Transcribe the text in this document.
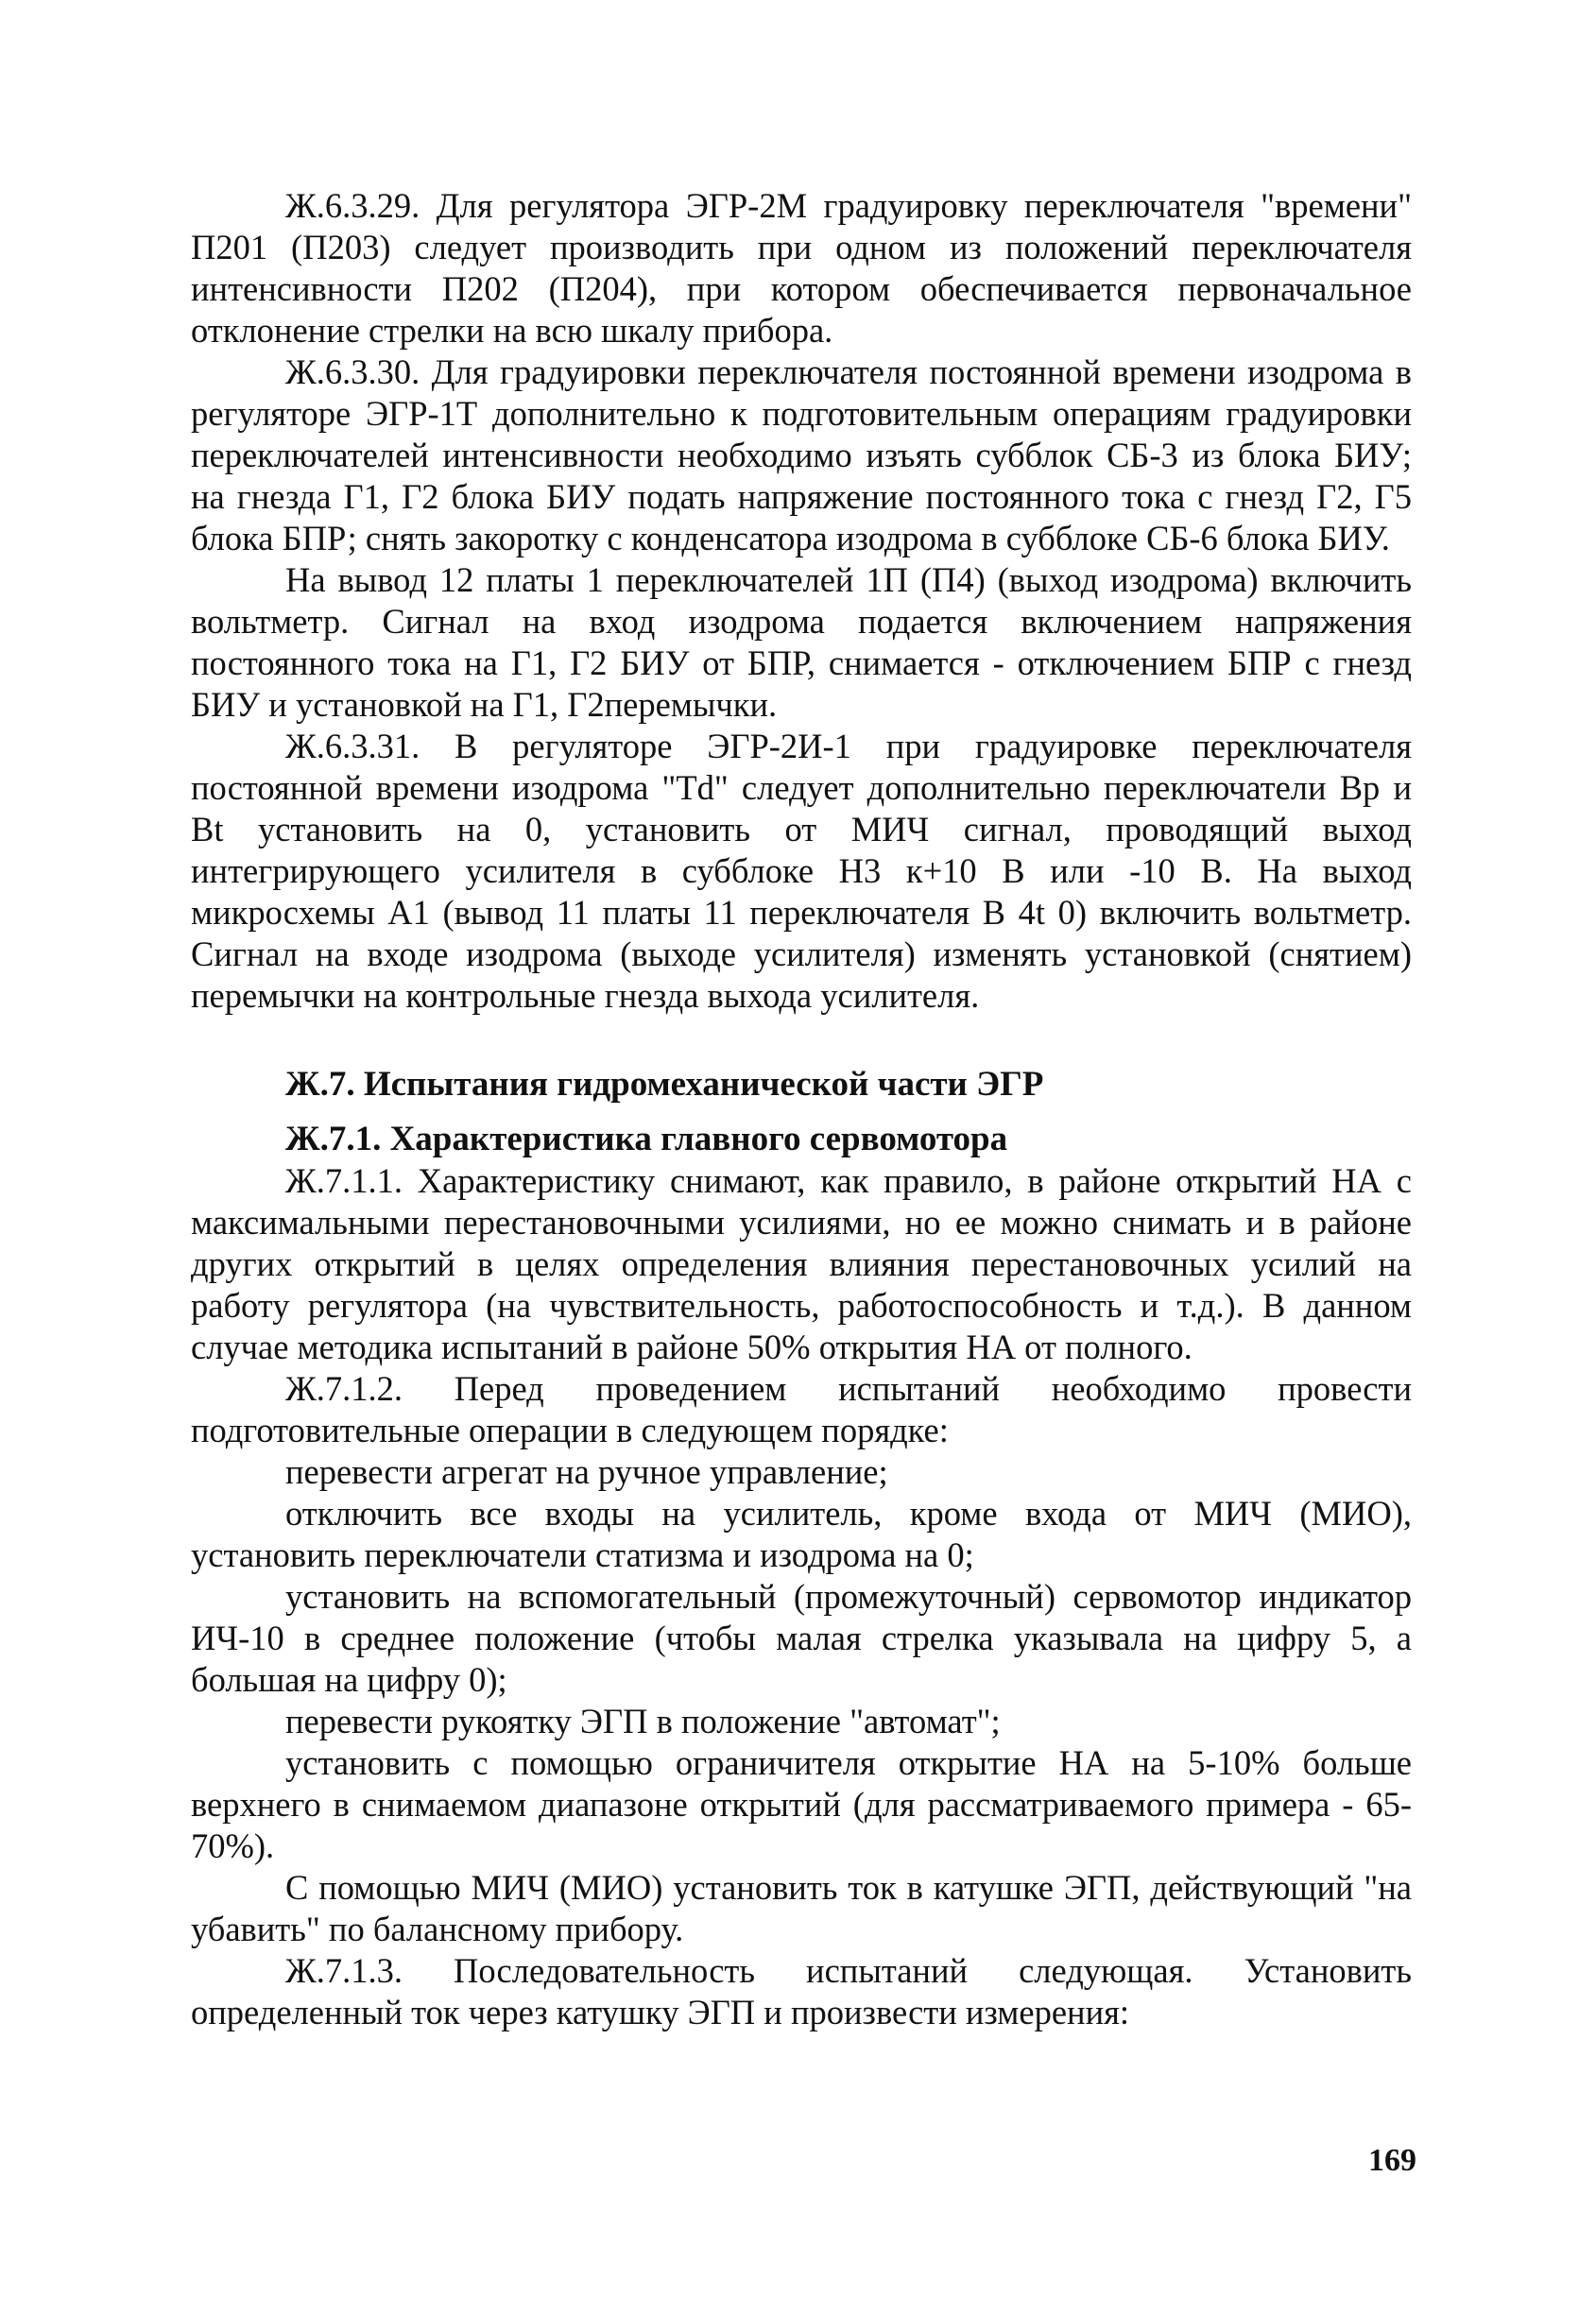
Ж.6.3.29. Для регулятора ЭГР-2М градуировку переключателя "времени" П201 (П203) следует производить при одном из положений переключателя интенсивности П202 (П204), при котором обеспечивается первоначальное отклонение стрелки на всю шкалу прибора.

Ж.6.3.30. Для градуировки переключателя постоянной времени изодрома в регуляторе ЭГР-1Т дополнительно к подготовительным операциям градуировки переключателей интенсивности необходимо изъять субблок СБ-3 из блока БИУ; на гнезда Г1, Г2 блока БИУ подать напряжение постоянного тока с гнезд Г2, Г5 блока БПР; снять закоротку с конденсатора изодрома в субблоке СБ-6 блока БИУ.

На вывод 12 платы 1 переключателей 1П (П4) (выход изодрома) включить вольтметр. Сигнал на вход изодрома подается включением напряжения постоянного тока на Г1, Г2 БИУ от БПР, снимается - отключением БПР с гнезд БИУ и установкой на Г1, Г2перемычки.

Ж.6.3.31. В регуляторе ЭГР-2И-1 при градуировке переключателя постоянной времени изодрома "Td" следует дополнительно переключатели Вр и Bt установить на 0, установить от МИЧ сигнал, проводящий выход интегрирующего усилителя в субблоке Н3 к+10 В или -10 В. На выход микросхемы А1 (вывод 11 платы 11 переключателя В 4t 0) включить вольтметр. Сигнал на входе изодрома (выходе усилителя) изменять установкой (снятием) перемычки на контрольные гнезда выхода усилителя.

Ж.7. Испытания гидромеханической части ЭГР
Ж.7.1. Характеристика главного сервомотора

Ж.7.1.1. Характеристику снимают, как правило, в районе открытий НА с максимальными перестановочными усилиями, но ее можно снимать и в районе других открытий в целях определения влияния перестановочных усилий на работу регулятора (на чувствительность, работоспособность и т.д.). В данном случае методика испытаний в районе 50% открытия НА от полного.

Ж.7.1.2. Перед проведением испытаний необходимо провести подготовительные операции в следующем порядке:

перевести агрегат на ручное управление;

отключить все входы на усилитель, кроме входа от МИЧ (МИО), установить переключатели статизма и изодрома на 0;

установить на вспомогательный (промежуточный) сервомотор индикатор ИЧ-10 в среднее положение (чтобы малая стрелка указывала на цифру 5, а большая на цифру 0);

перевести рукоятку ЭГП в положение "автомат";

установить с помощью ограничителя открытие НА на 5-10% больше верхнего в снимаемом диапазоне открытий (для рассматриваемого примера - 65-70%).

С помощью МИЧ (МИО) установить ток в катушке ЭГП, действующий "на убавить" по балансному прибору.

Ж.7.1.3. Последовательность испытаний следующая. Установить определенный ток через катушку ЭГП и произвести измерения:

169
